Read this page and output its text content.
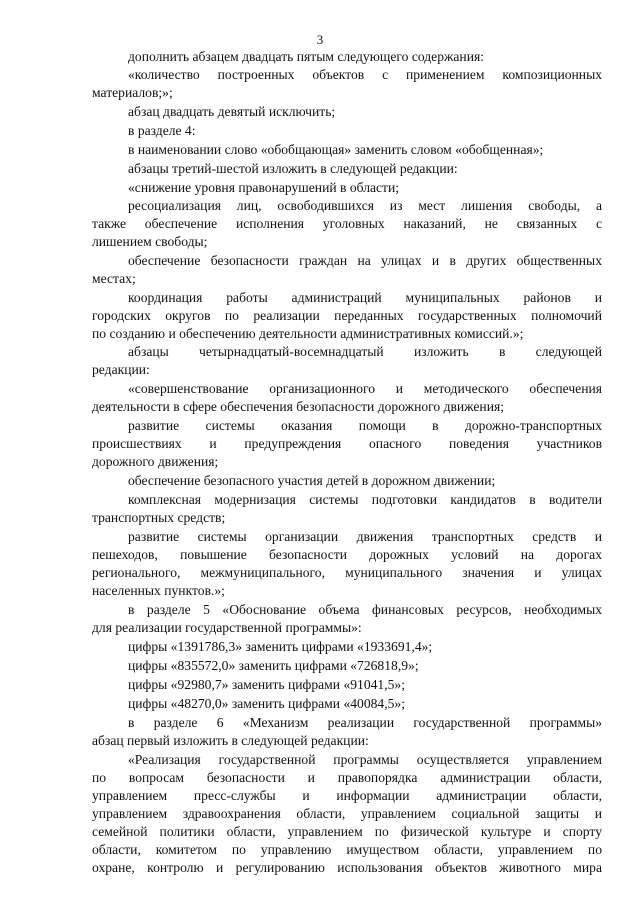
3
дополнить абзацем двадцать пятым следующего содержания:
«количество построенных объектов с применением композиционных
материалов;»;
абзац двадцать девятый исключить;
в разделе 4:
в наименовании слово «обобщающая» заменить словом «обобщенная»;
абзацы третий-шестой изложить в следующей редакции:
«снижение уровня правонарушений в области;
ресоциализация лиц, освободившихся из мест лишения свободы, а
также обеспечение исполнения уголовных наказаний, не связанных с
лишением свободы;
обеспечение безопасности граждан на улицах и в других общественных
местах;
координация работы администраций муниципальных районов и
городских округов по реализации переданных государственных полномочий
по созданию и обеспечению деятельности административных комиссий.»;
абзацы четырнадцатый-восемнадцатый изложить в следующей
редакции:
«совершенствование организационного и методического обеспечения
деятельности в сфере обеспечения безопасности дорожного движения;
развитие системы оказания помощи в дорожно-транспортных
происшествиях и предупреждения опасного поведения участников
дорожного движения;
обеспечение безопасного участия детей в дорожном движении;
комплексная модернизация системы подготовки кандидатов в водители
транспортных средств;
развитие системы организации движения транспортных средств и
пешеходов, повышение безопасности дорожных условий на дорогах
регионального, межмуниципального, муниципального значения и улицах
населенных пунктов.»;
в разделе 5 «Обоснование объема финансовых ресурсов, необходимых
для реализации государственной программы»:
цифры «1391786,3» заменить цифрами «1933691,4»;
цифры «835572,0» заменить цифрами «726818,9»;
цифры «92980,7» заменить цифрами «91041,5»;
цифры «48270,0» заменить цифрами «40084,5»;
в разделе 6 «Механизм реализации государственной программы»
абзац первый изложить в следующей редакции:
«Реализация государственной программы осуществляется управлением
по вопросам безопасности и правопорядка администрации области,
управлением пресс-службы и информации администрации области,
управлением здравоохранения области, управлением социальной защиты и
семейной политики области, управлением по физической культуре и спорту
области, комитетом по управлению имуществом области, управлением по
охране, контролю и регулированию использования объектов животного мира
